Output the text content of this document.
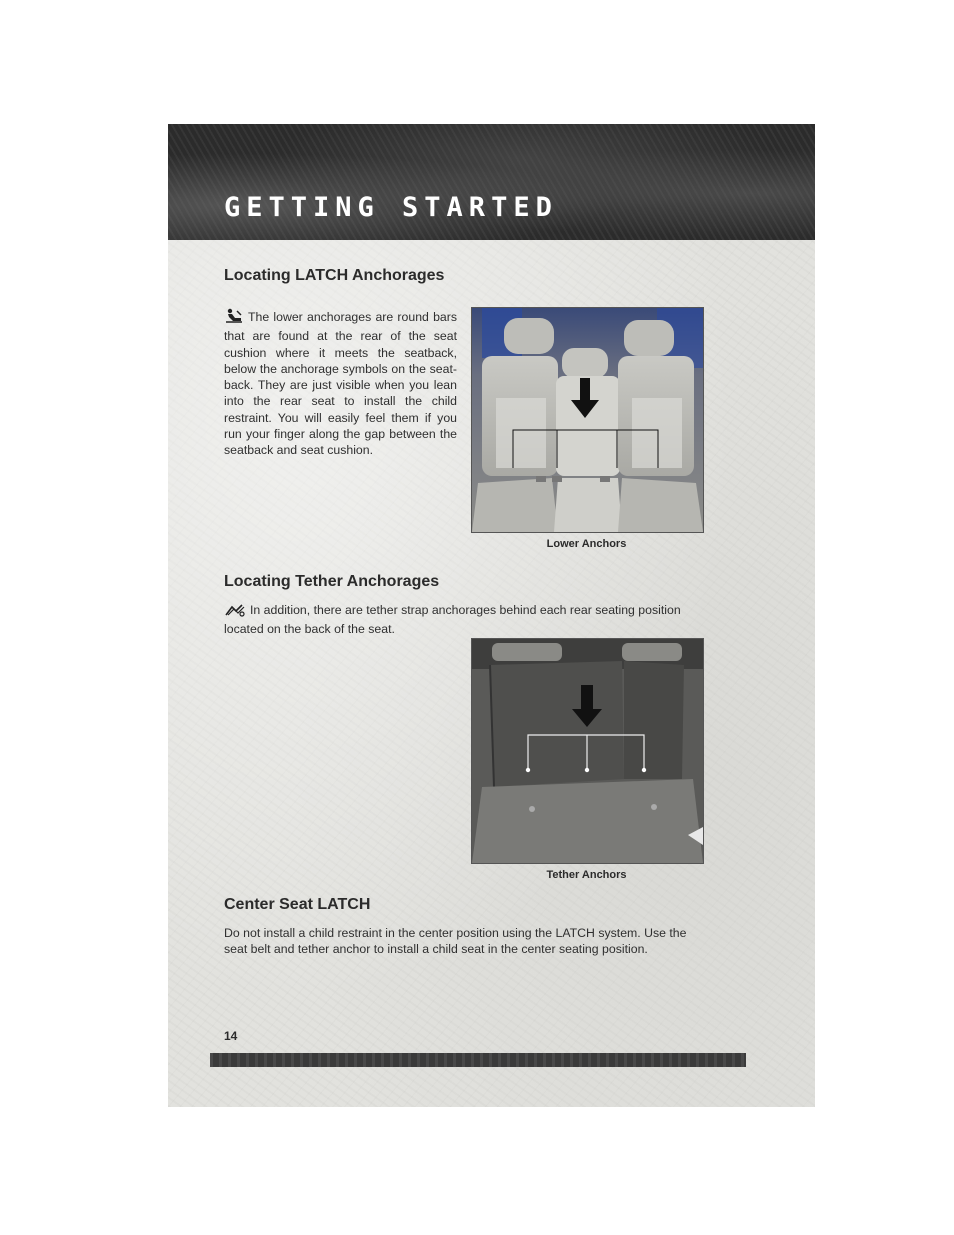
GETTING STARTED
Locating LATCH Anchorages
The lower anchorages are round bars that are found at the rear of the seat cushion where it meets the seatback, below the anchorage symbols on the seat-back. They are just visible when you lean into the rear seat to install the child restraint. You will easily feel them if you run your finger along the gap between the seatback and seat cushion.
Lower Anchors
Locating Tether Anchorages
In addition, there are tether strap anchorages behind each rear seating position located on the back of the seat.
Tether Anchors
Center Seat LATCH
Do not install a child restraint in the center position using the LATCH system. Use the seat belt and tether anchor to install a child seat in the center seating position.
14
